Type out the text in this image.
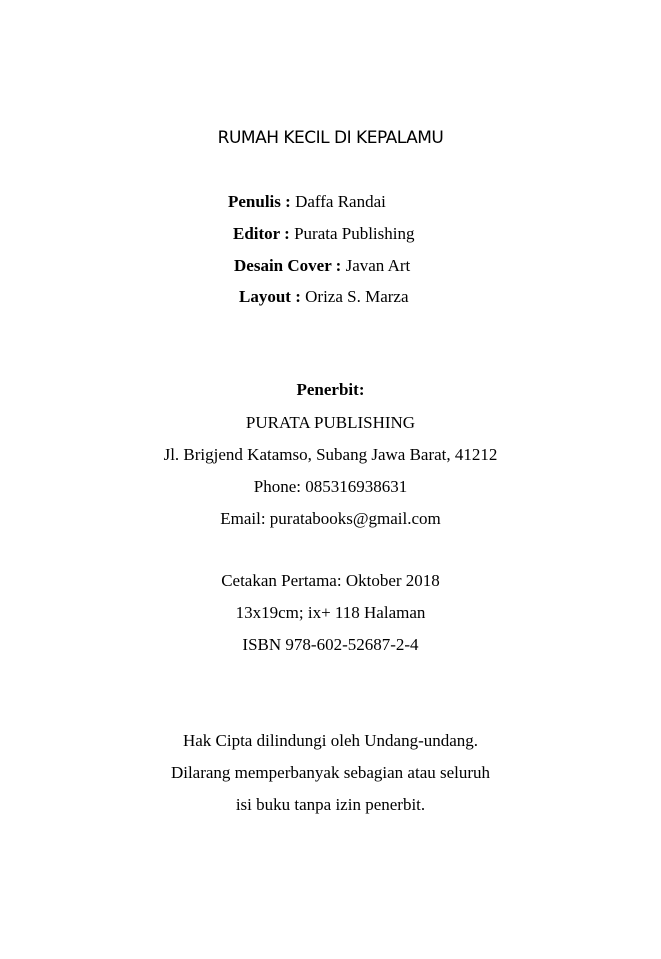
RUMAH KECIL DI KEPALAMU
Penulis : Daffa Randai
Editor : Purata Publishing
Desain Cover : Javan Art
Layout : Oriza S. Marza
Penerbit:
PURATA PUBLISHING
Jl. Brigjend Katamso, Subang Jawa Barat, 41212
Phone: 085316938631
Email: puratabooks@gmail.com
Cetakan Pertama: Oktober 2018
13x19cm; ix+ 118 Halaman
ISBN 978-602-52687-2-4
Hak Cipta dilindungi oleh Undang-undang.
Dilarang memperbanyak sebagian atau seluruh
isi buku tanpa izin penerbit.
